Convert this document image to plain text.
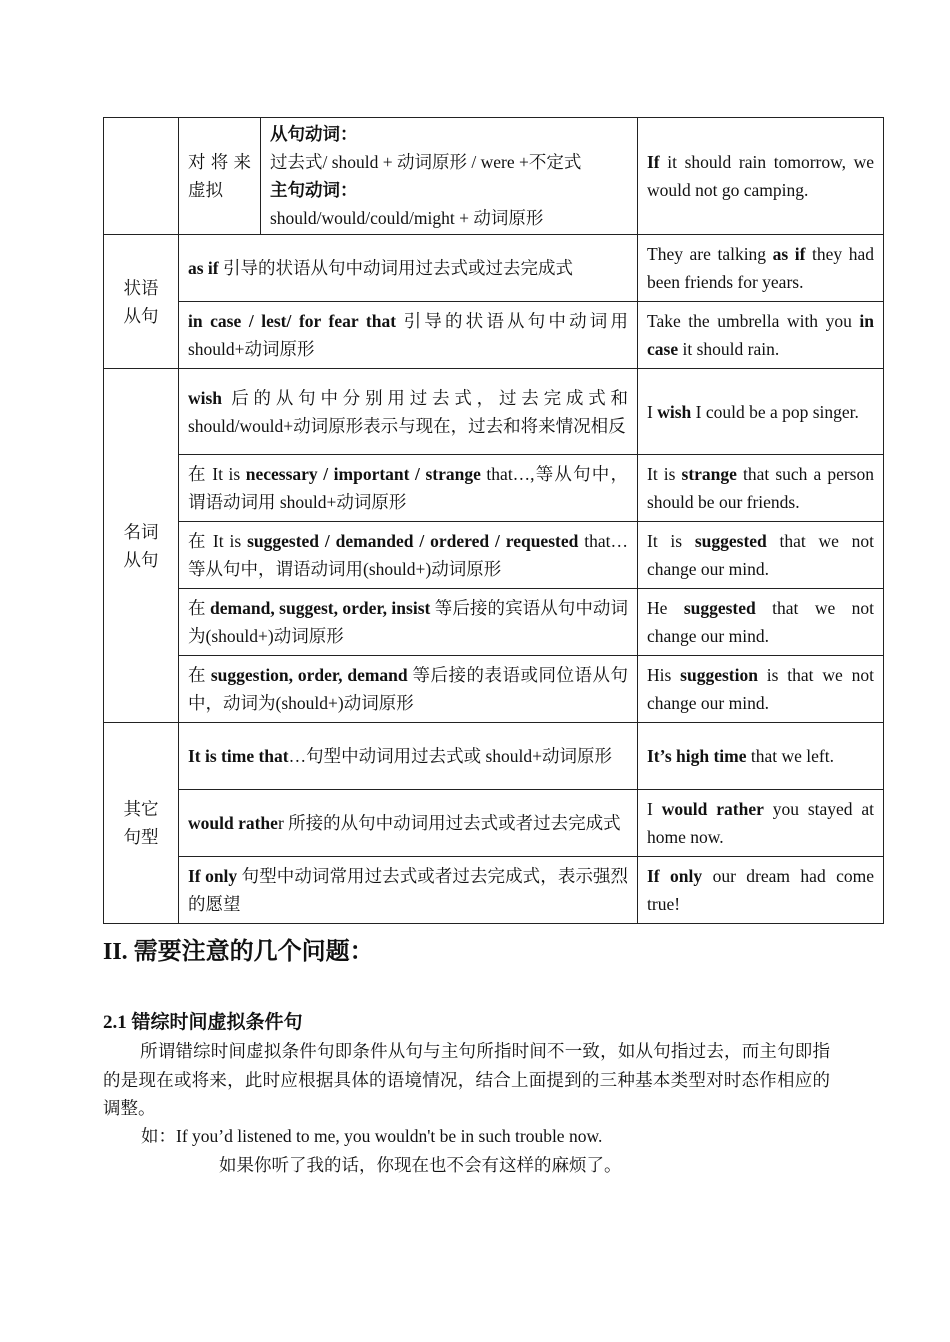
	对将来虚拟	从句动词：
过去式/ should + 动词原形 / were +不定式
主句动词：
should/would/could/might + 动词原形	If it should rain tomorrow, we would not go camping.
状语从句	as if 引导的状语从句中动词用过去式或过去完成式		They are talking as if they had been friends for years.
	in case / lest/ for fear that 引导的状语从句中动词用should+动词原形		Take the umbrella with you in case it should rain.
名词从句	wish 后的从句中分别用过去式，过去完成式和should/would+动词原形表示与现在，过去和将来情况相反		I wish I could be a pop singer.
	在 It is necessary / important / strange that…,等从句中，谓语动词用 should+动词原形		It is strange that such a person should be our friends.
	在 It is suggested / demanded / ordered / requested that… 等从句中，谓语动词用(should+)动词原形		It is suggested that we not change our mind.
	在 demand, suggest, order, insist 等后接的宾语从句中动词为(should+)动词原形		He suggested that we not change our mind.
	在 suggestion, order, demand 等后接的表语或同位语从句中，动词为(should+)动词原形		His suggestion is that we not change our mind.
其它句型	It is time that…句型中动词用过去式或 should+动词原形		It’s high time that we left.
	would rather 所接的从句中动词用过去式或者过去完成式		I would rather you stayed at home now.
	If only 句型中动词常用过去式或者过去完成式，表示强烈的愿望		If only our dream had come true!
II. 需要注意的几个问题：
2.1 错综时间虚拟条件句
所谓错综时间虚拟条件句即条件从句与主句所指时间不一致，如从句指过去，而主句即指的是现在或将来，此时应根据具体的语境情况，结合上面提到的三种基本类型对时态作相应的调整。
如：If you’d listened to me, you wouldn't be in such trouble now.
如果你听了我的话，你现在也不会有这样的麻烦了。
